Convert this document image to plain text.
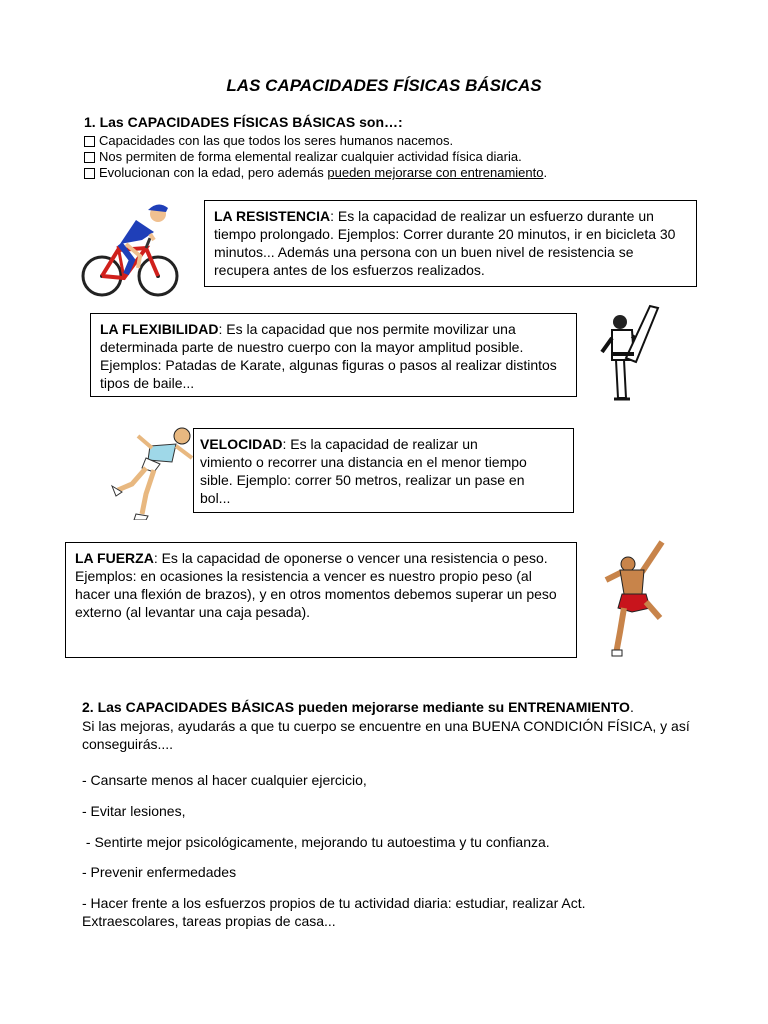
LAS CAPACIDADES FÍSICAS BÁSICAS
1. Las CAPACIDADES FÍSICAS BÁSICAS son…:
Capacidades con las que todos los seres humanos nacemos.
Nos permiten de forma elemental realizar cualquier actividad física diaria.
Evolucionan con la edad, pero además
pueden mejorarse con entrenamiento .
LA RESISTENCIA: Es la capacidad de realizar un esfuerzo durante un tiempo prolongado. Ejemplos: Correr durante 20 minutos, ir en bicicleta 30 minutos... Además una persona con un buen nivel de resistencia se recupera antes de los esfuerzos realizados.
LA FLEXIBILIDAD: Es la capacidad que nos permite movilizar una determinada parte de nuestro cuerpo con la mayor amplitud posible. Ejemplos: Patadas de Karate, algunas figuras o pasos al realizar distintos tipos de baile...
VELOCIDAD: Es la capacidad de realizar un
vimiento o recorrer una distancia en el menor tiempo
sible. Ejemplo: correr 50 metros, realizar un pase en
bol...
LA FUERZA: Es la capacidad de oponerse o vencer una resistencia o peso. Ejemplos: en ocasiones la resistencia a vencer es nuestro propio peso (al hacer una flexión de brazos), y en otros momentos debemos superar un peso externo (al levantar una caja pesada).
2. Las CAPACIDADES BÁSICAS pueden mejorarse mediante su ENTRENAMIENTO.
Si las mejoras, ayudarás a que tu cuerpo se encuentre en una BUENA CONDICIÓN FÍSICA, y así conseguirás....
- Cansarte menos al hacer cualquier ejercicio,
- Evitar lesiones,
- Sentirte mejor psicológicamente, mejorando tu autoestima y tu confianza.
- Prevenir enfermedades
- Hacer frente a los esfuerzos propios de tu actividad diaria: estudiar, realizar Act. Extraescolares, tareas propias de casa...
